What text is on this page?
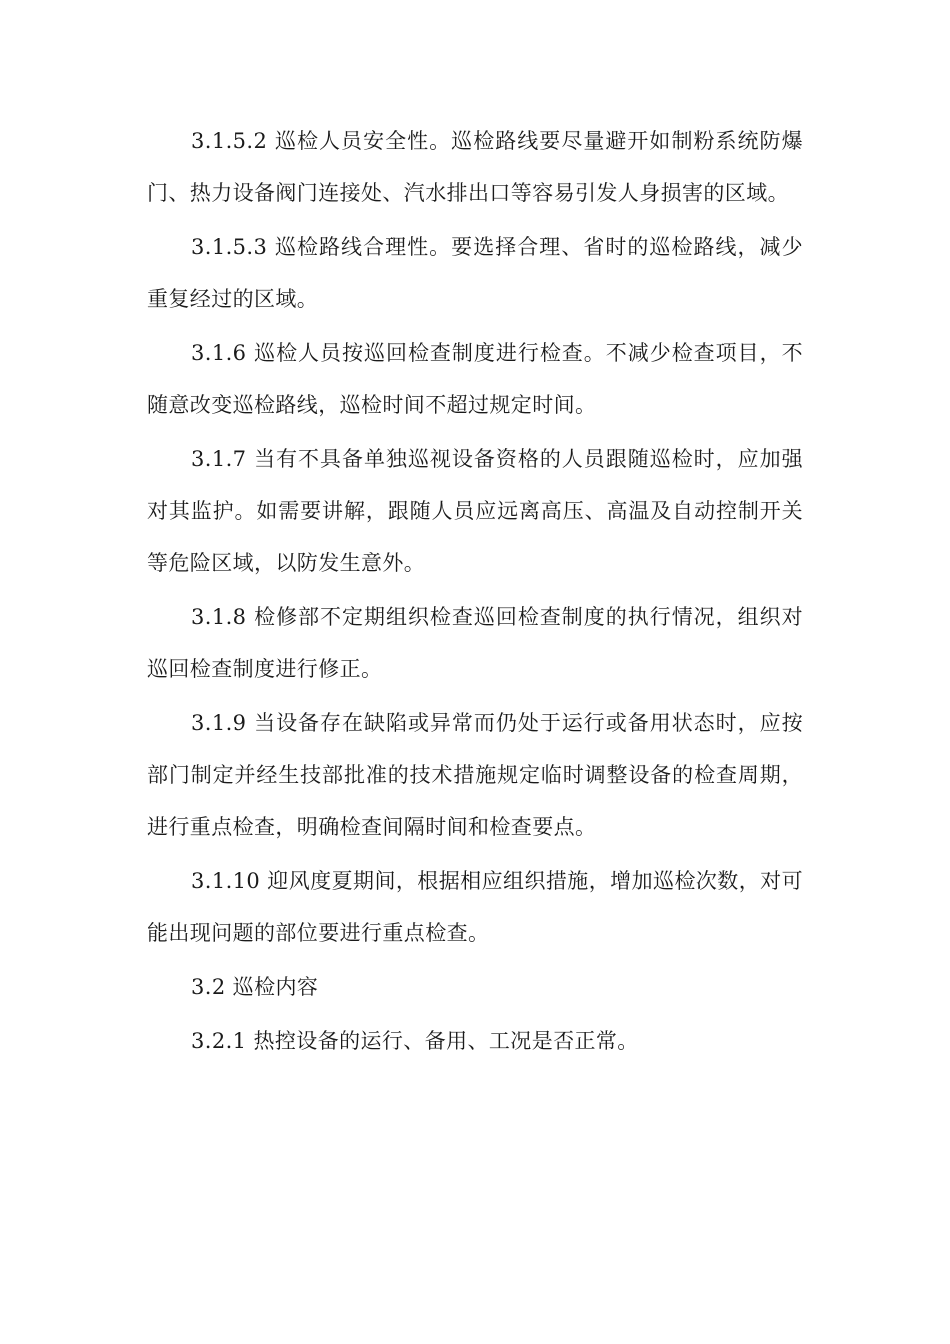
3.1.5.2 巡检人员安全性。巡检路线要尽量避开如制粉系统防爆门、热力设备阀门连接处、汽水排出口等容易引发人身损害的区域。

3.1.5.3 巡检路线合理性。要选择合理、省时的巡检路线，减少重复经过的区域。

3.1.6 巡检人员按巡回检查制度进行检查。不减少检查项目，不随意改变巡检路线，巡检时间不超过规定时间。

3.1.7 当有不具备单独巡视设备资格的人员跟随巡检时，应加强对其监护。如需要讲解，跟随人员应远离高压、高温及自动控制开关等危险区域，以防发生意外。

3.1.8 检修部不定期组织检查巡回检查制度的执行情况，组织对巡回检查制度进行修正。

3.1.9 当设备存在缺陷或异常而仍处于运行或备用状态时，应按部门制定并经生技部批准的技术措施规定临时调整设备的检查周期，进行重点检查，明确检查间隔时间和检查要点。

3.1.10 迎风度夏期间，根据相应组织措施，增加巡检次数，对可能出现问题的部位要进行重点检查。

3.2 巡检内容

3.2.1 热控设备的运行、备用、工况是否正常。
